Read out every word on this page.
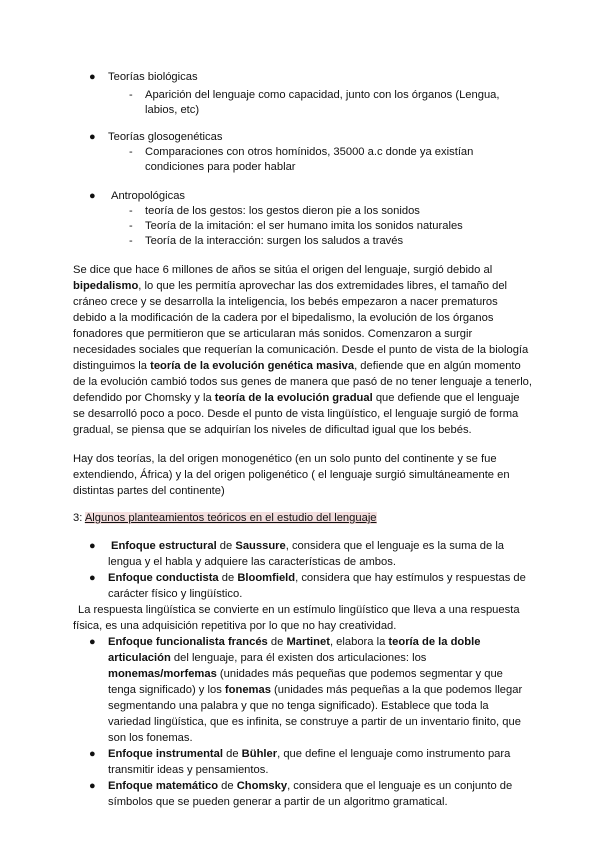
● Teorías biológicas
- Aparición del lenguaje como capacidad, junto con los órganos (Lengua,
labios, etc)
● Teorías glosogenéticas
- Comparaciones con otros homínidos, 35000 a.c donde ya existían
condiciones para poder hablar
● Antropológicas
- teoría de los gestos: los gestos dieron pie a los sonidos
- Teoría de la imitación: el ser humano imita los sonidos naturales
- Teoría de la interacción: surgen los saludos a través
Se dice que hace 6 millones de años se sitúa el origen del lenguaje, surgió debido al
bipedalismo, lo que les permitía aprovechar las dos extremidades libres, el tamaño del
cráneo crece y se desarrolla la inteligencia, los bebés empezaron a nacer prematuros
debido a la modificación de la cadera por el bipedalismo, la evolución de los órganos
fonadores que permitieron que se articularan más sonidos. Comenzaron a surgir
necesidades sociales que requerían la comunicación. Desde el punto de vista de la biología
distinguimos la teoría de la evolución genética masiva, defiende que en algún momento
de la evolución cambió todos sus genes de manera que pasó de no tener lenguaje a tenerlo,
defendido por Chomsky y la teoría de la evolución gradual que defiende que el lenguaje
se desarrolló poco a poco. Desde el punto de vista lingüístico, el lenguaje surgió de forma
gradual, se piensa que se adquirían los niveles de dificultad igual que los bebés.
Hay dos teorías, la del origen monogenético (en un solo punto del continente y se fue
extendiendo, África) y la del origen poligenético ( el lenguaje surgió simultáneamente en
distintas partes del continente)
3: Algunos planteamientos teóricos en el estudio del lenguaje
● Enfoque estructural de Saussure, considera que el lenguaje es la suma de la
lengua y el habla y adquiere las características de ambos.
● Enfoque conductista de Bloomfield, considera que hay estímulos y respuestas de
carácter físico y lingüístico.
La respuesta lingüística se convierte en un estímulo lingüístico que lleva a una respuesta
física, es una adquisición repetitiva por lo que no hay creatividad.
● Enfoque funcionalista francés de Martinet, elabora la teoría de la doble
articulación del lenguaje, para él existen dos articulaciones: los
monemas/morfemas (unidades más pequeñas que podemos segmentar y que
tenga significado) y los fonemas (unidades más pequeñas a la que podemos llegar
segmentando una palabra y que no tenga significado). Establece que toda la
variedad lingüística, que es infinita, se construye a partir de un inventario finito, que
son los fonemas.
● Enfoque instrumental de Bühler, que define el lenguaje como instrumento para
transmitir ideas y pensamientos.
● Enfoque matemático de Chomsky, considera que el lenguaje es un conjunto de
símbolos que se pueden generar a partir de un algoritmo gramatical.
